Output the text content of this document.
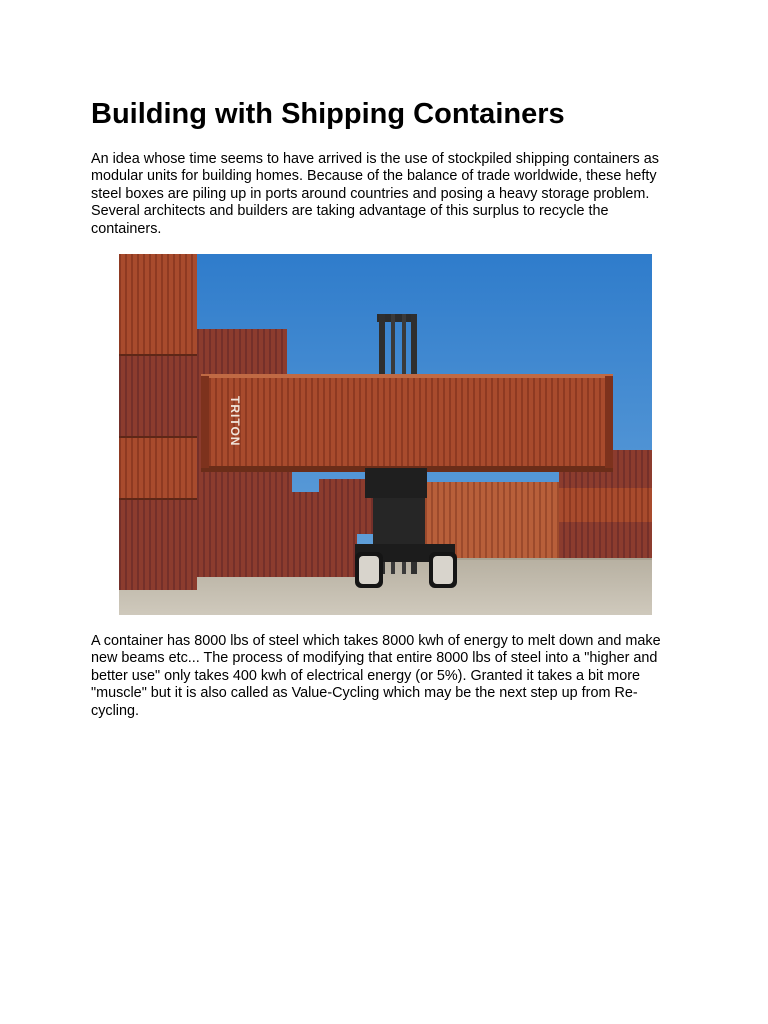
Building with Shipping Containers

An idea whose time seems to have arrived is the use of stockpiled shipping containers as modular units for building homes. Because of the balance of trade worldwide, these hefty steel boxes are piling up in ports around countries and posing a heavy storage problem. Several architects and builders are taking advantage of this surplus to recycle the containers.

TRITON

A container has 8000 lbs of steel which takes 8000 kwh of energy to melt down and make new beams etc... The process of modifying that entire 8000 lbs of steel into a "higher and better use" only takes 400 kwh of electrical energy (or 5%). Granted it takes a bit more "muscle" but it is also called as Value-Cycling which may be the next step up from Re-cycling.
